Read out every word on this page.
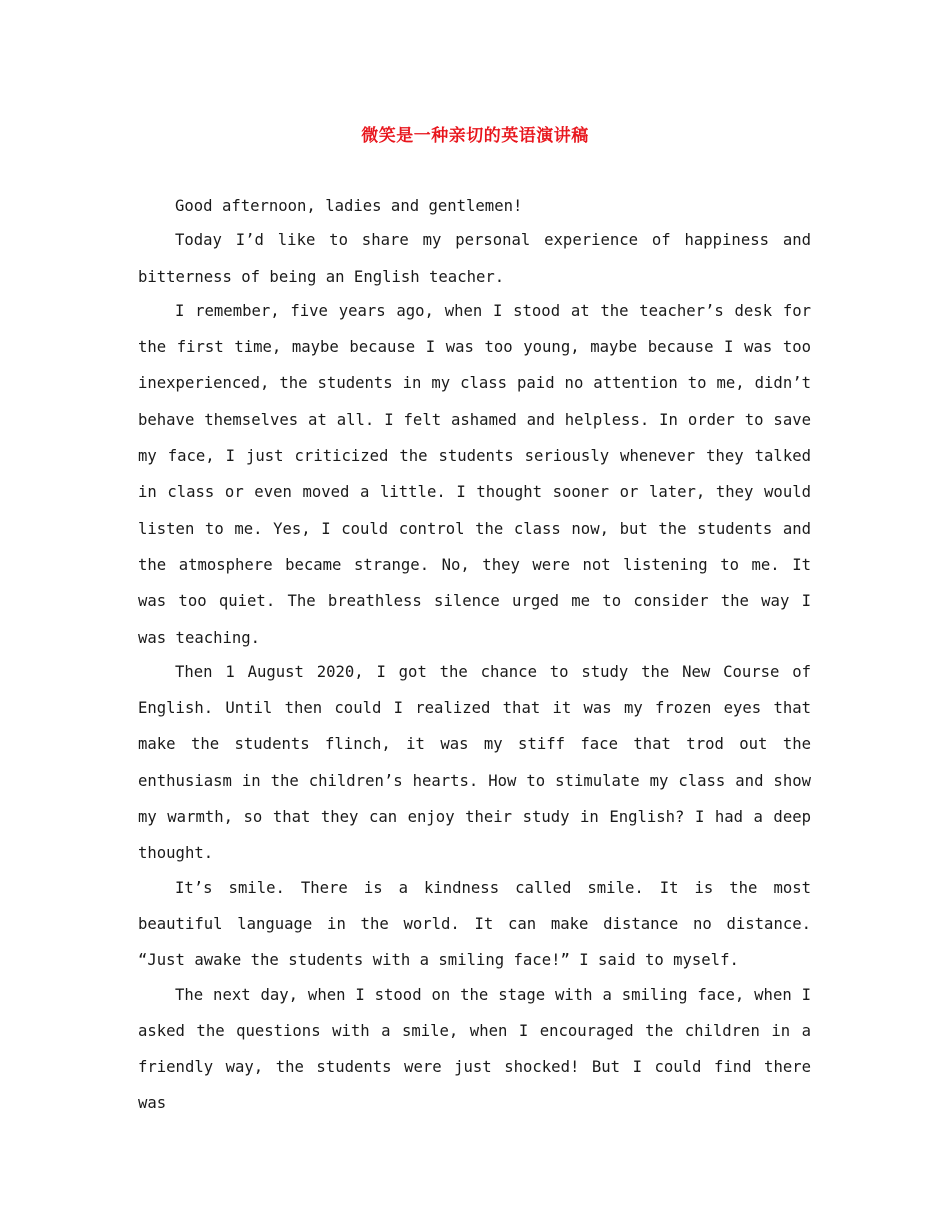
微笑是一种亲切的英语演讲稿

Good afternoon, ladies and gentlemen!

Today I’d like to share my personal experience of happiness and bitterness of being an English teacher.

I remember, five years ago, when I stood at the teacher’s desk for the first time, maybe because I was too young, maybe because I was too inexperienced, the students in my class paid no attention to me, didn’t behave themselves at all. I felt ashamed and helpless. In order to save my face, I just criticized the students seriously whenever they talked in class or even moved a little. I thought sooner or later, they would listen to me. Yes, I could control the class now, but the students and the atmosphere became strange. No, they were not listening to me. It was too quiet. The breathless silence urged me to consider the way I was teaching.

Then 1 August 2020, I got the chance to study the New Course of English. Until then could I realized that it was my frozen eyes that make the students flinch, it was my stiff face that trod out the enthusiasm in the children’s hearts. How to stimulate my class and show my warmth, so that they can enjoy their study in English? I had a deep thought.

It’s smile. There is a kindness called smile. It is the most beautiful language in the world. It can make distance no distance. “Just awake the students with a smiling face!” I said to myself.

The next day, when I stood on the stage with a smiling face, when I asked the questions with a smile, when I encouraged the children in a friendly way, the students were just shocked! But I could find there was
